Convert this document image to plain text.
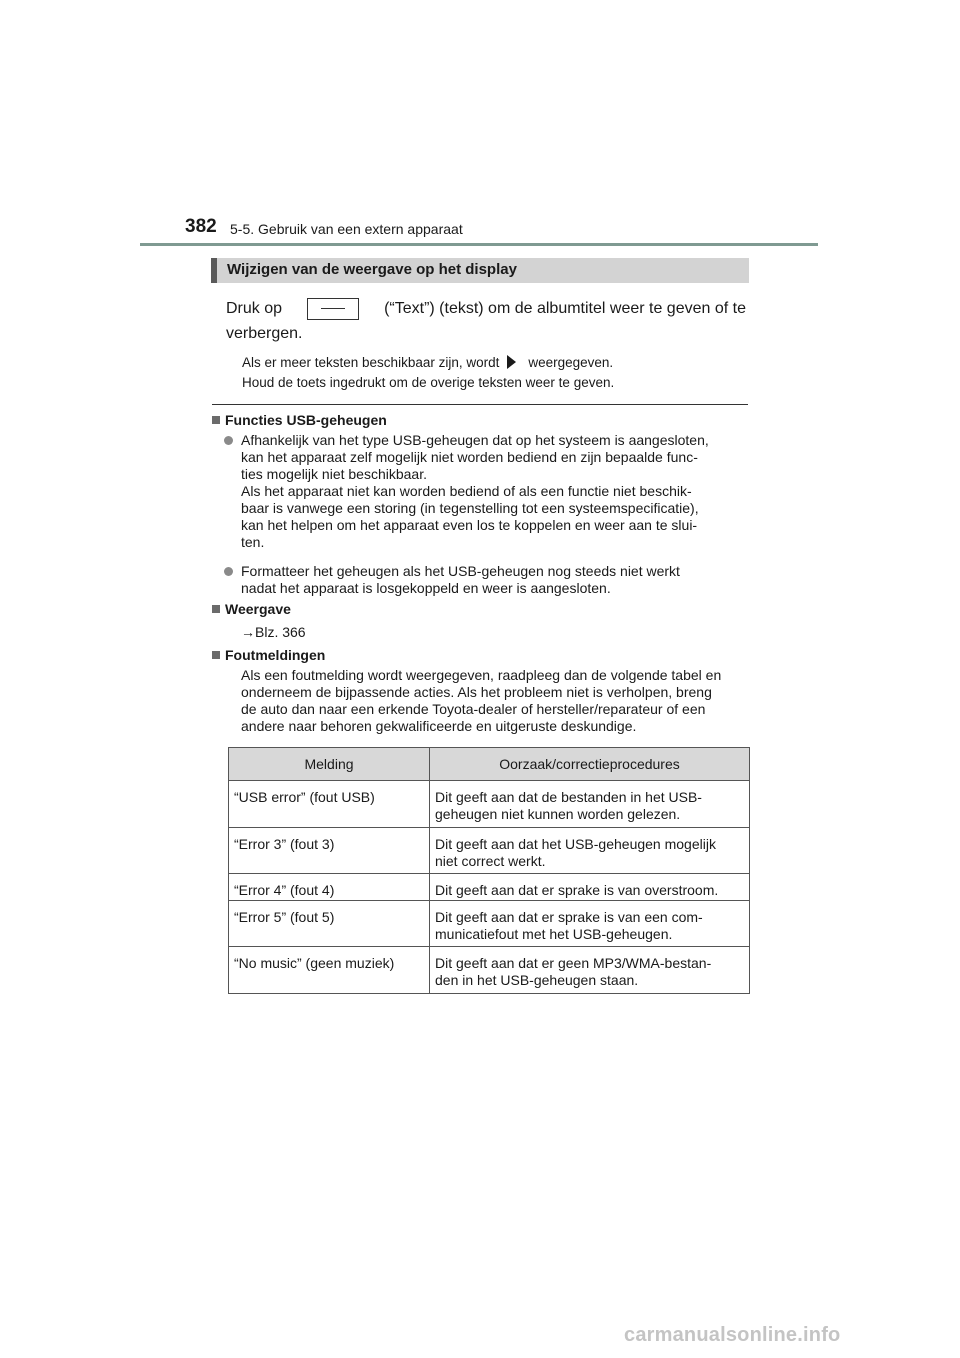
382 5-5. Gebruik van een extern apparaat
Wijzigen van de weergave op het display
Druk op	(“Text”) (tekst) om de albumtitel weer te geven of te
verbergen.
Als er meer teksten beschikbaar zijn, wordt weergegeven.
Houd de toets ingedrukt om de overige teksten weer te geven.
Functies USB-geheugen

Afhankelijk van het type USB-geheugen dat op het systeem is aangesloten,
kan het apparaat zelf mogelijk niet worden bediend en zijn bepaalde func-
ties mogelijk niet beschikbaar.
Als het apparaat niet kan worden bediend of als een functie niet beschik-
baar is vanwege een storing (in tegenstelling tot een systeemspecificatie),
kan het helpen om het apparaat even los te koppelen en weer aan te slui-
ten.

Formatteer het geheugen als het USB-geheugen nog steeds niet werkt
nadat het apparaat is losgekoppeld en weer is aangesloten.

Weergave
→Blz. 366
Foutmeldingen
Als een foutmelding wordt weergegeven, raadpleeg dan de volgende tabel en
onderneem de bijpassende acties. Als het probleem niet is verholpen, breng
de auto dan naar een erkende Toyota-dealer of hersteller/reparateur of een
andere naar behoren gekwalificeerde en uitgeruste deskundige.
Melding	Oorzaak/correctieprocedures
“USB error” (fout USB)	Dit geeft aan dat de bestanden in het USB-
geheugen niet kunnen worden gelezen.
“Error 3” (fout 3)	Dit geeft aan dat het USB-geheugen mogelijk
niet correct werkt.
“Error 4” (fout 4)	Dit geeft aan dat er sprake is van overstroom.
“Error 5” (fout 5)	Dit geeft aan dat er sprake is van een com-
municatiefout met het USB-geheugen.
“No music” (geen muziek)	Dit geeft aan dat er geen MP3/WMA-bestan-
den in het USB-geheugen staan.
carmanualsonline.info
